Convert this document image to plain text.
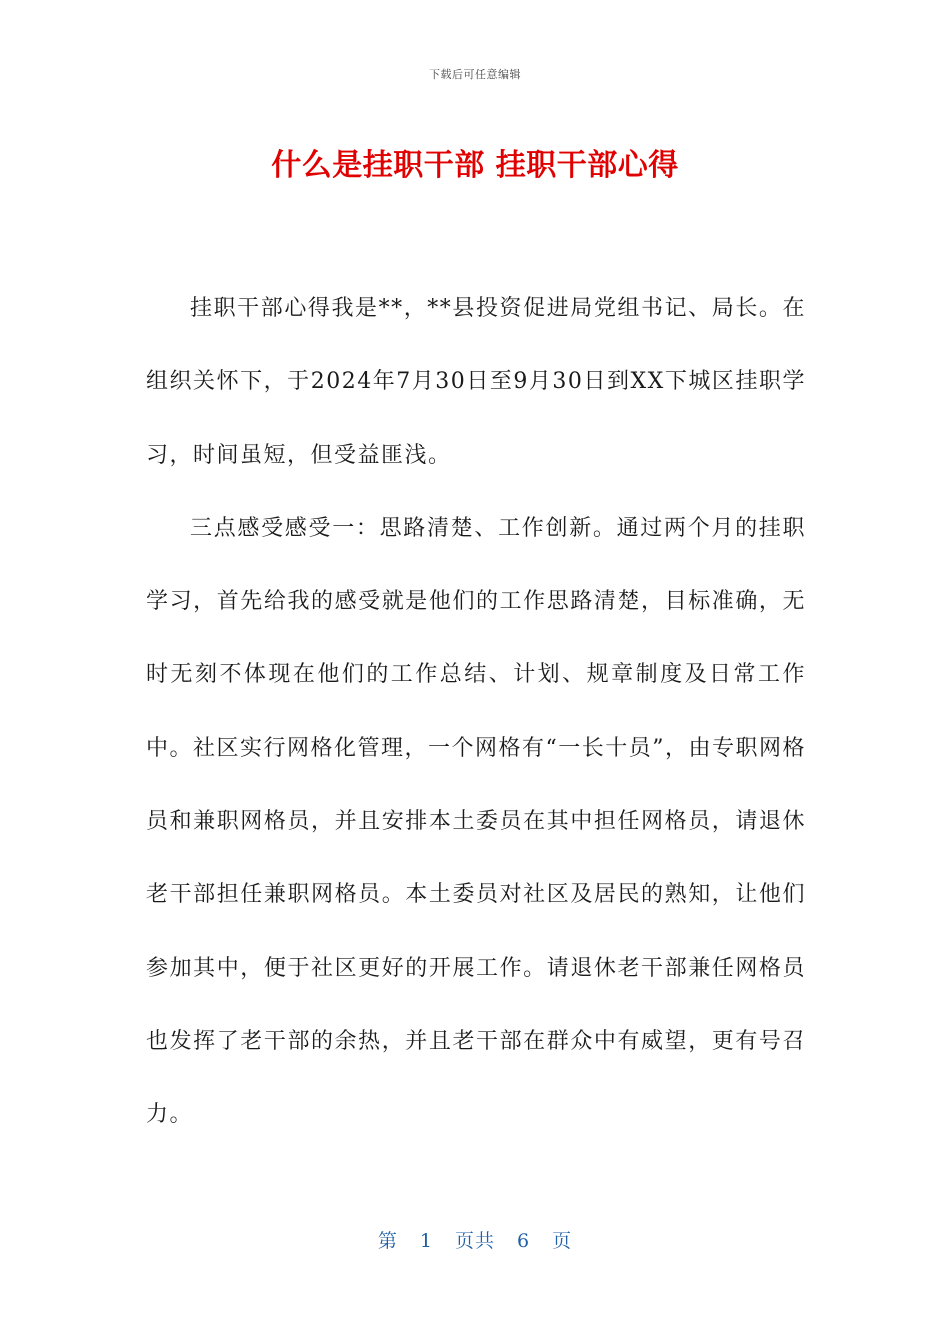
下载后可任意编辑
什么是挂职干部 挂职干部心得

挂职干部心得我是**，**县投资促进局党组书记、局长。在组织关怀下，于2024年7月30日至9月30日到XX下城区挂职学习，时间虽短，但受益匪浅。

三点感受感受一：思路清楚、工作创新。通过两个月的挂职学习，首先给我的感受就是他们的工作思路清楚，目标准确，无时无刻不体现在他们的工作总结、计划、规章制度及日常工作中。社区实行网格化管理，一个网格有“一长十员”，由专职网格员和兼职网格员，并且安排本土委员在其中担任网格员，请退休老干部担任兼职网格员。本土委员对社区及居民的熟知，让他们参加其中，便于社区更好的开展工作。请退休老干部兼任网格员也发挥了老干部的余热，并且老干部在群众中有威望，更有号召力。

第 1 页共 6 页
